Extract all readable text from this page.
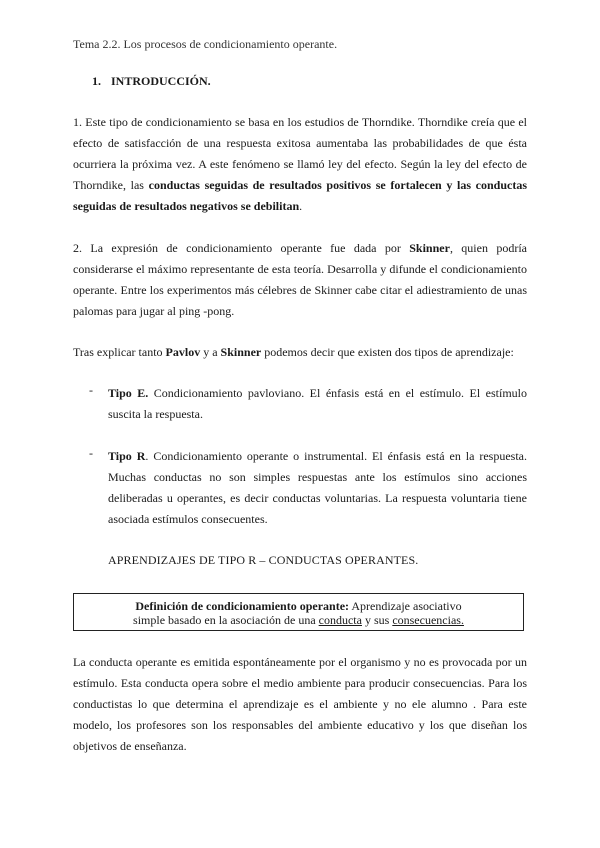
Tema 2.2. Los procesos de condicionamiento operante.
1. INTRODUCCIÓN.

1. Este tipo de condicionamiento se basa en los estudios de Thorndike. Thorndike creía que el efecto de satisfacción de una respuesta exitosa aumentaba las probabilidades de que ésta ocurriera la próxima vez. A este fenómeno se llamó ley del efecto. Según la ley del efecto de Thorndike, las conductas seguidas de resultados positivos se fortalecen y las conductas seguidas de resultados negativos se debilitan.

2. La expresión de condicionamiento operante fue dada por Skinner, quien podría considerarse el máximo representante de esta teoría. Desarrolla y difunde el condicionamiento operante. Entre los experimentos más célebres de Skinner cabe citar el adiestramiento de unas palomas para jugar al ping -pong.

Tras explicar tanto Pavlov y a Skinner podemos decir que existen dos tipos de aprendizaje:

- Tipo E. Condicionamiento pavloviano. El énfasis está en el estímulo. El estímulo suscita la respuesta.

- Tipo R. Condicionamiento operante o instrumental. El énfasis está en la respuesta. Muchas conductas no son simples respuestas ante los estímulos sino acciones deliberadas u operantes, es decir conductas voluntarias. La respuesta voluntaria tiene asociada estímulos consecuentes.

APRENDIZAJES DE TIPO R – CONDUCTAS OPERANTES.
Definición de condicionamiento operante: Aprendizaje asociativo
simple basado en la asociación de una conducta y sus consecuencias.

La conducta operante es emitida espontáneamente por el organismo y no es provocada por un estímulo. Esta conducta opera sobre el medio ambiente para producir consecuencias. Para los conductistas lo que determina el aprendizaje es el ambiente y no ele alumno . Para este modelo, los profesores son los responsables del ambiente educativo y los que diseñan los objetivos de enseñanza.
